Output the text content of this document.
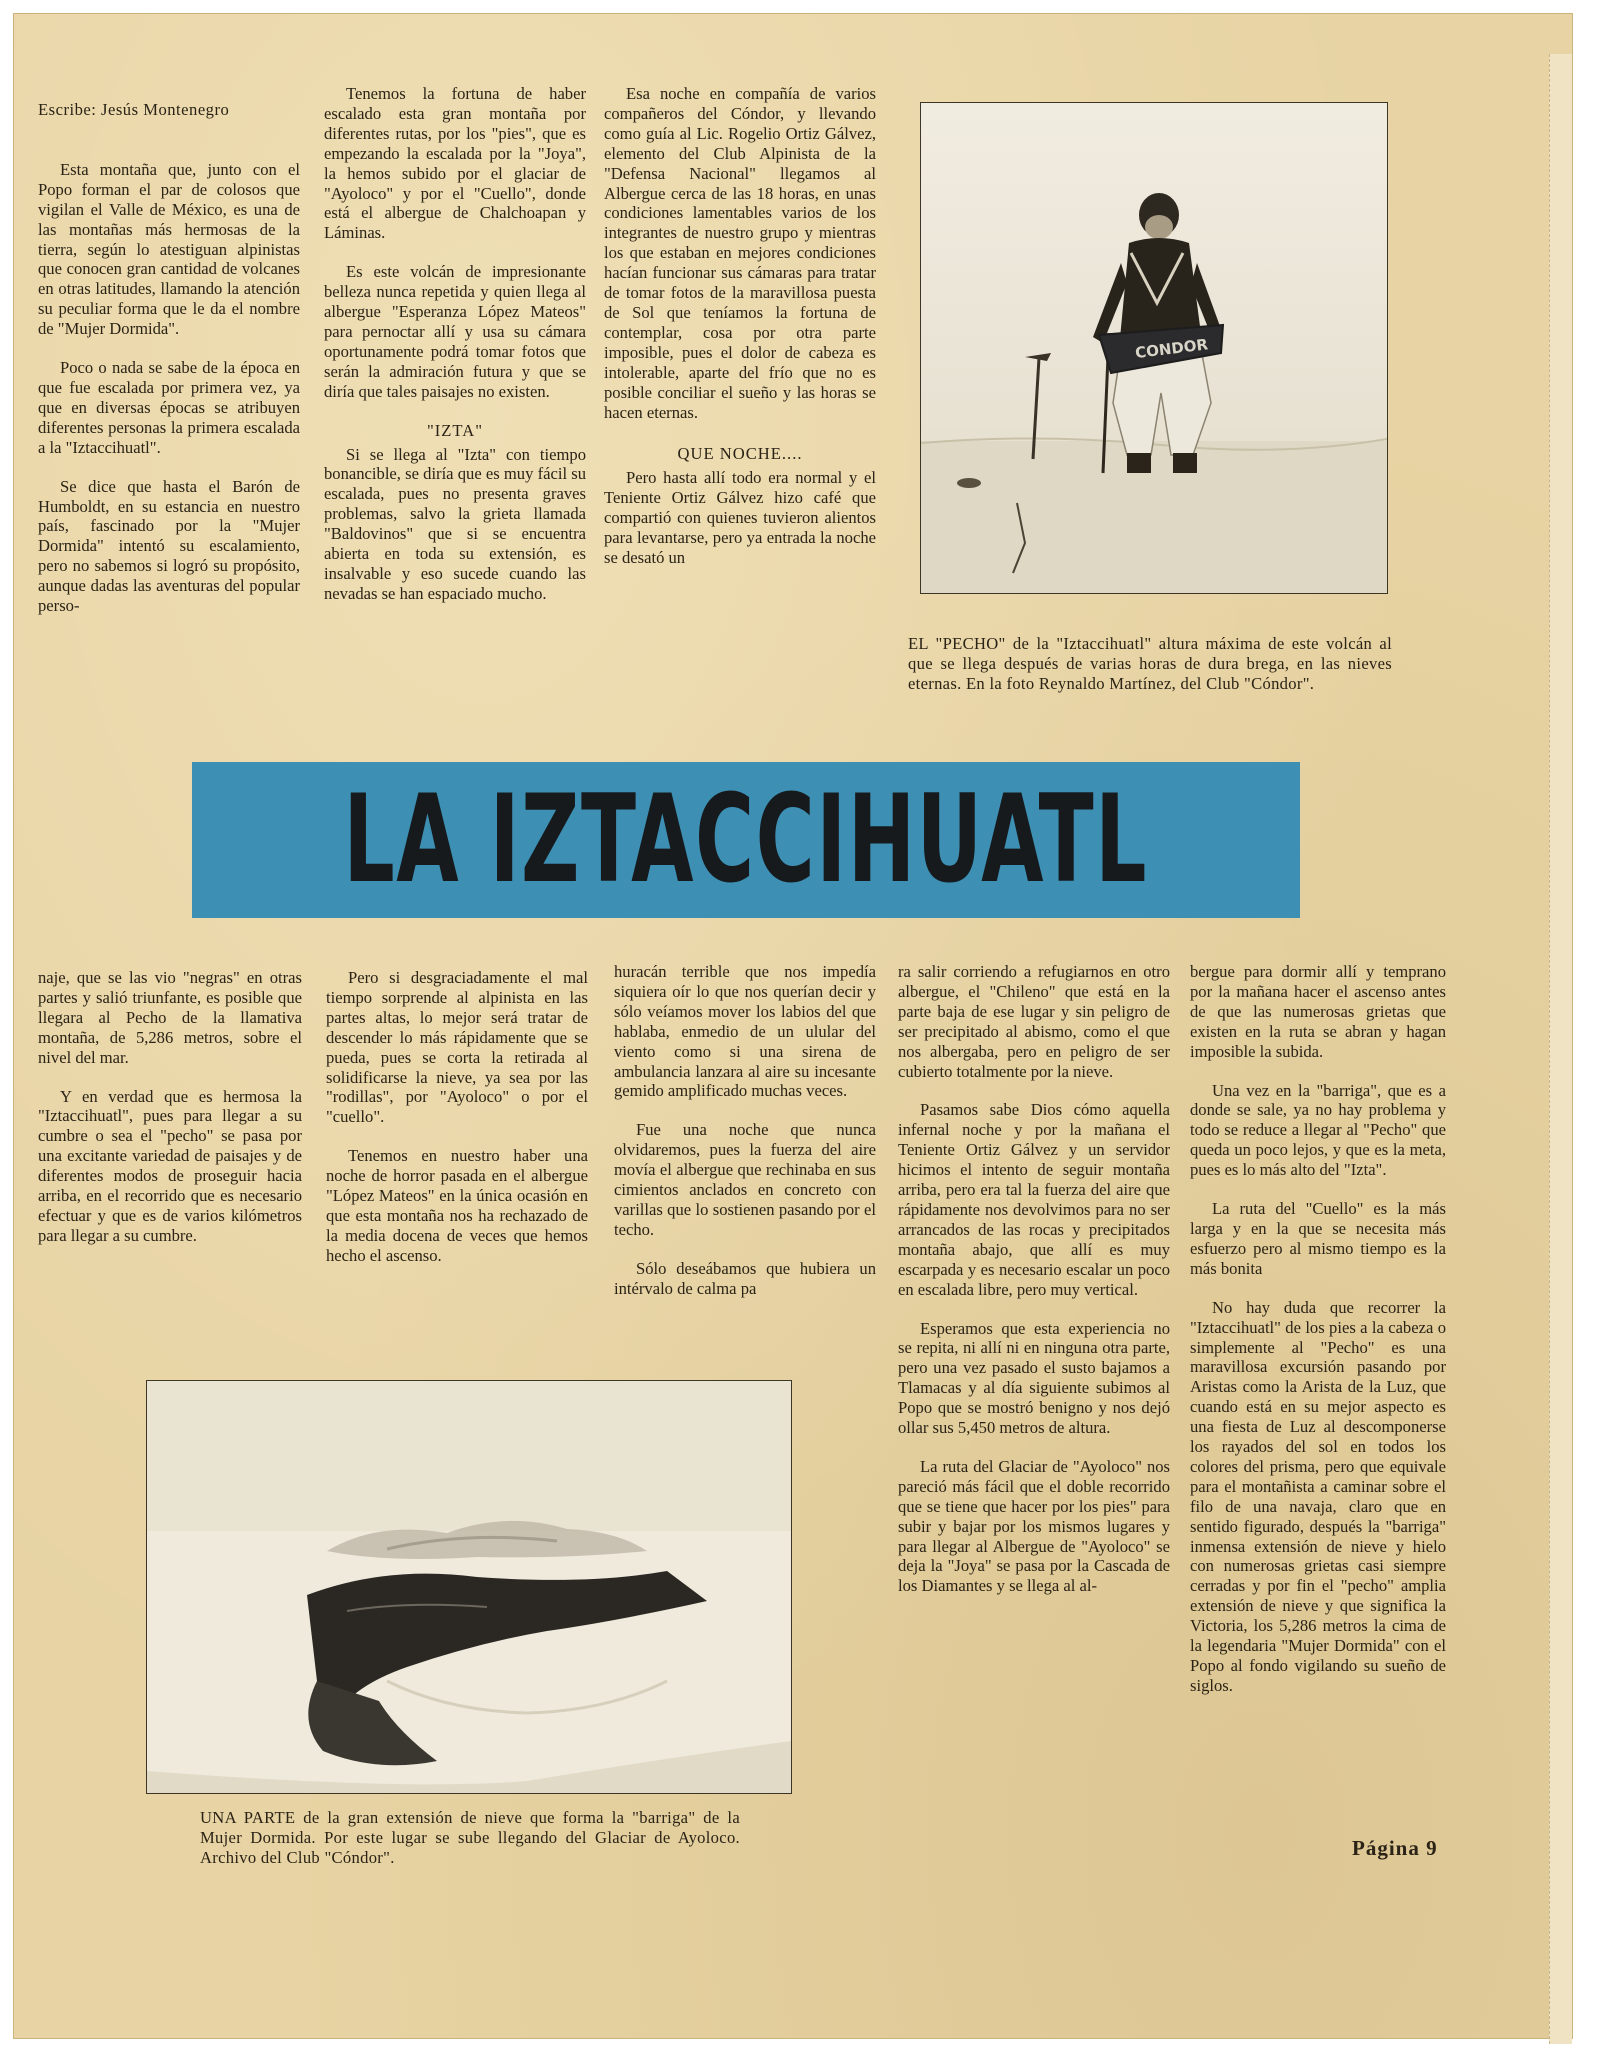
Escribe: Jesús Montenegro

Esta montaña que, junto con el Popo forman el par de colosos que vigilan el Valle de México, es una de las montañas más hermosas de la tierra, según lo atestiguan alpinistas que conocen gran cantidad de volcanes en otras latitudes, llamando la atención su peculiar forma que le da el nombre de "Mujer Dormida".

Poco o nada se sabe de la época en que fue escalada por primera vez, ya que en diversas épocas se atribuyen diferentes personas la primera escalada a la "Iztaccihuatl".

Se dice que hasta el Barón de Humboldt, en su estancia en nuestro país, fascinado por la "Mujer Dormida" intentó su escalamiento, pero no sabemos si logró su propósito, aunque dadas las aventuras del popular perso-

Tenemos la fortuna de haber escalado esta gran montaña por diferentes rutas, por los "pies", que es empezando la escalada por la "Joya", la hemos subido por el glaciar de "Ayoloco" y por el "Cuello", donde está el albergue de Chalchoapan y Láminas.

Es este volcán de impresionante belleza nunca repetida y quien llega al albergue "Esperanza López Mateos" para pernoctar allí y usa su cámara oportunamente podrá tomar fotos que serán la admiración futura y que se diría que tales paisajes no existen.

"IZTA"

Si se llega al "Izta" con tiempo bonancible, se diría que es muy fácil su escalada, pues no presenta graves problemas, salvo la grieta llamada "Baldovinos" que si se encuentra abierta en toda su extensión, es insalvable y eso sucede cuando las nevadas se han espaciado mucho.

Esa noche en compañía de varios compañeros del Cóndor, y llevando como guía al Lic. Rogelio Ortiz Gálvez, elemento del Club Alpinista de la "Defensa Nacional" llegamos al Albergue cerca de las 18 horas, en unas condiciones lamentables varios de los integrantes de nuestro grupo y mientras los que estaban en mejores condiciones hacían funcionar sus cámaras para tratar de tomar fotos de la maravillosa puesta de Sol que teníamos la fortuna de contemplar, cosa por otra parte imposible, pues el dolor de cabeza es intolerable, aparte del frío que no es posible conciliar el sueño y las horas se hacen eternas.

QUE NOCHE....

Pero hasta allí todo era normal y el Teniente Ortiz Gálvez hizo café que compartió con quienes tuvieron alientos para levantarse, pero ya entrada la noche se desató un

CONDOR
EL "PECHO" de la "Iztaccihuatl" altura máxima de este volcán al que se llega después de varias horas de dura brega, en las nieves eternas. En la foto Reynaldo Martínez, del Club "Cóndor".
LA IZTACCIHUATL

naje, que se las vio "negras" en otras partes y salió triunfante, es posible que llegara al Pecho de la llamativa montaña, de 5,286 metros, sobre el nivel del mar.

Y en verdad que es hermosa la "Iztaccihuatl", pues para llegar a su cumbre o sea el "pecho" se pasa por una excitante variedad de paisajes y de diferentes modos de proseguir hacia arriba, en el recorrido que es necesario efectuar y que es de varios kilómetros para llegar a su cumbre.

Pero si desgraciadamente el mal tiempo sorprende al alpinista en las partes altas, lo mejor será tratar de descender lo más rápidamente que se pueda, pues se corta la retirada al solidificarse la nieve, ya sea por las "rodillas", por "Ayoloco" o por el "cuello".

Tenemos en nuestro haber una noche de horror pasada en el albergue "López Mateos" en la única ocasión en que esta montaña nos ha rechazado de la media docena de veces que hemos hecho el ascenso.

huracán terrible que nos impedía siquiera oír lo que nos querían decir y sólo veíamos mover los labios del que hablaba, enmedio de un ulular del viento como si una sirena de ambulancia lanzara al aire su incesante gemido amplificado muchas veces.

Fue una noche que nunca olvidaremos, pues la fuerza del aire movía el albergue que rechinaba en sus cimientos anclados en concreto con varillas que lo sostienen pasando por el techo.

Sólo deseábamos que hubiera un intérvalo de calma pa

ra salir corriendo a refugiarnos en otro albergue, el "Chileno" que está en la parte baja de ese lugar y sin peligro de ser precipitado al abismo, como el que nos albergaba, pero en peligro de ser cubierto totalmente por la nieve.

Pasamos sabe Dios cómo aquella infernal noche y por la mañana el Teniente Ortiz Gálvez y un servidor hicimos el intento de seguir montaña arriba, pero era tal la fuerza del aire que rápidamente nos devolvimos para no ser arrancados de las rocas y precipitados montaña abajo, que allí es muy escarpada y es necesario escalar un poco en escalada libre, pero muy vertical.

Esperamos que esta experiencia no se repita, ni allí ni en ninguna otra parte, pero una vez pasado el susto bajamos a Tlamacas y al día siguiente subimos al Popo que se mostró benigno y nos dejó ollar sus 5,450 metros de altura.

La ruta del Glaciar de "Ayoloco" nos pareció más fácil que el doble recorrido que se tiene que hacer por los pies" para subir y bajar por los mismos lugares y para llegar al Albergue de "Ayoloco" se deja la "Joya" se pasa por la Cascada de los Diamantes y se llega al al-

bergue para dormir allí y temprano por la mañana hacer el ascenso antes de que las numerosas grietas que existen en la ruta se abran y hagan imposible la subida.

Una vez en la "barriga", que es a donde se sale, ya no hay problema y todo se reduce a llegar al "Pecho" que queda un poco lejos, y que es la meta, pues es lo más alto del "Izta".

La ruta del "Cuello" es la más larga y en la que se necesita más esfuerzo pero al mismo tiempo es la más bonita

No hay duda que recorrer la "Iztaccihuatl" de los pies a la cabeza o simplemente al "Pecho" es una maravillosa excursión pasando por Aristas como la Arista de la Luz, que cuando está en su mejor aspecto es una fiesta de Luz al descomponerse los rayados del sol en todos los colores del prisma, pero que equivale para el montañista a caminar sobre el filo de una navaja, claro que en sentido figurado, después la "barriga" inmensa extensión de nieve y hielo con numerosas grietas casi siempre cerradas y por fin el "pecho" amplia extensión de nieve y que significa la Victoria, los 5,286 metros la cima de la legendaria "Mujer Dormida" con el Popo al fondo vigilando su sueño de siglos.

UNA PARTE de la gran extensión de nieve que forma la "barriga" de la Mujer Dormida. Por este lugar se sube llegando del Glaciar de Ayoloco. Archivo del Club "Cóndor".	Página 9
